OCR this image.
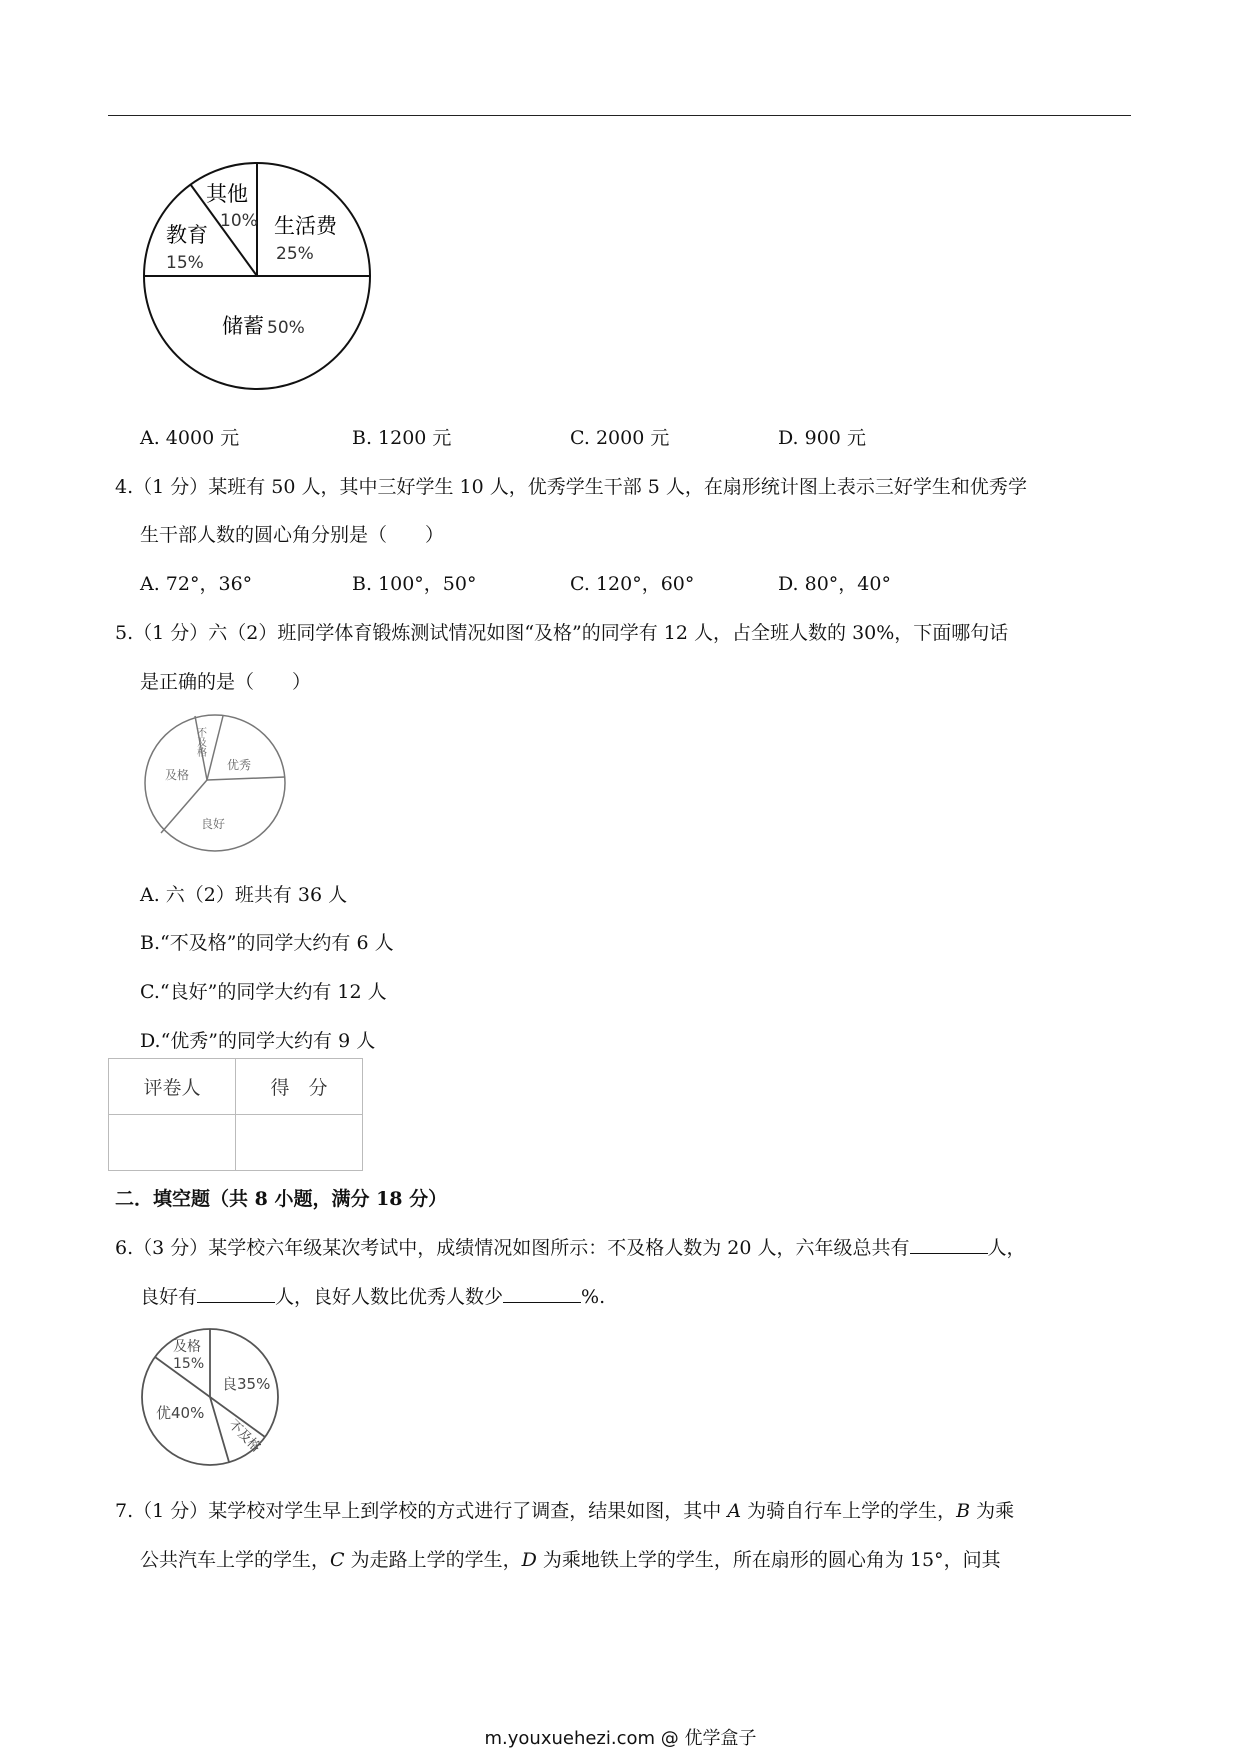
其他
10% 生活费
25%
储蓄 50%
教育
15%
A. 4000 元	B. 1200 元	C. 2000 元	D. 900 元
4.（1 分）某班有 50 人，其中三好学生 10 人，优秀学生干部 5 人，在扇形统计图上表示三好学生和优秀学
生干部人数的圆心角分别是（　　）
A. 72°，36°	B. 100°，50°	C. 120°，60°	D. 80°，40°
5.（1 分）六（2）班同学体育锻炼测试情况如图“及格”的同学有 12 人，占全班人数的 30%，下面哪句话
是正确的是（　　）
不及格
优秀
及格
良好
A. 六（2）班共有 36 人
B.“不及格”的同学大约有 6 人
C.“良好”的同学大约有 12 人
D.“优秀”的同学大约有 9 人
评卷人	得　分

二．填空题（共 8 小题，满分 18 分）
6.（3 分）某学校六年级某次考试中，成绩情况如图所示：不及格人数为 20 人，六年级总共有	人，
良好有	人，良好人数比优秀人数少	%.
及格
15%
良35%
优40%
不及格
7.（1 分）某学校对学生早上到学校的方式进行了调查，结果如图，其中 A 为骑自行车上学的学生，B 为乘
公共汽车上学的学生，C 为走路上学的学生，D 为乘地铁上学的学生，所在扇形的圆心角为 15°，问其
m.youxuehezi.com @ 优学盒子
